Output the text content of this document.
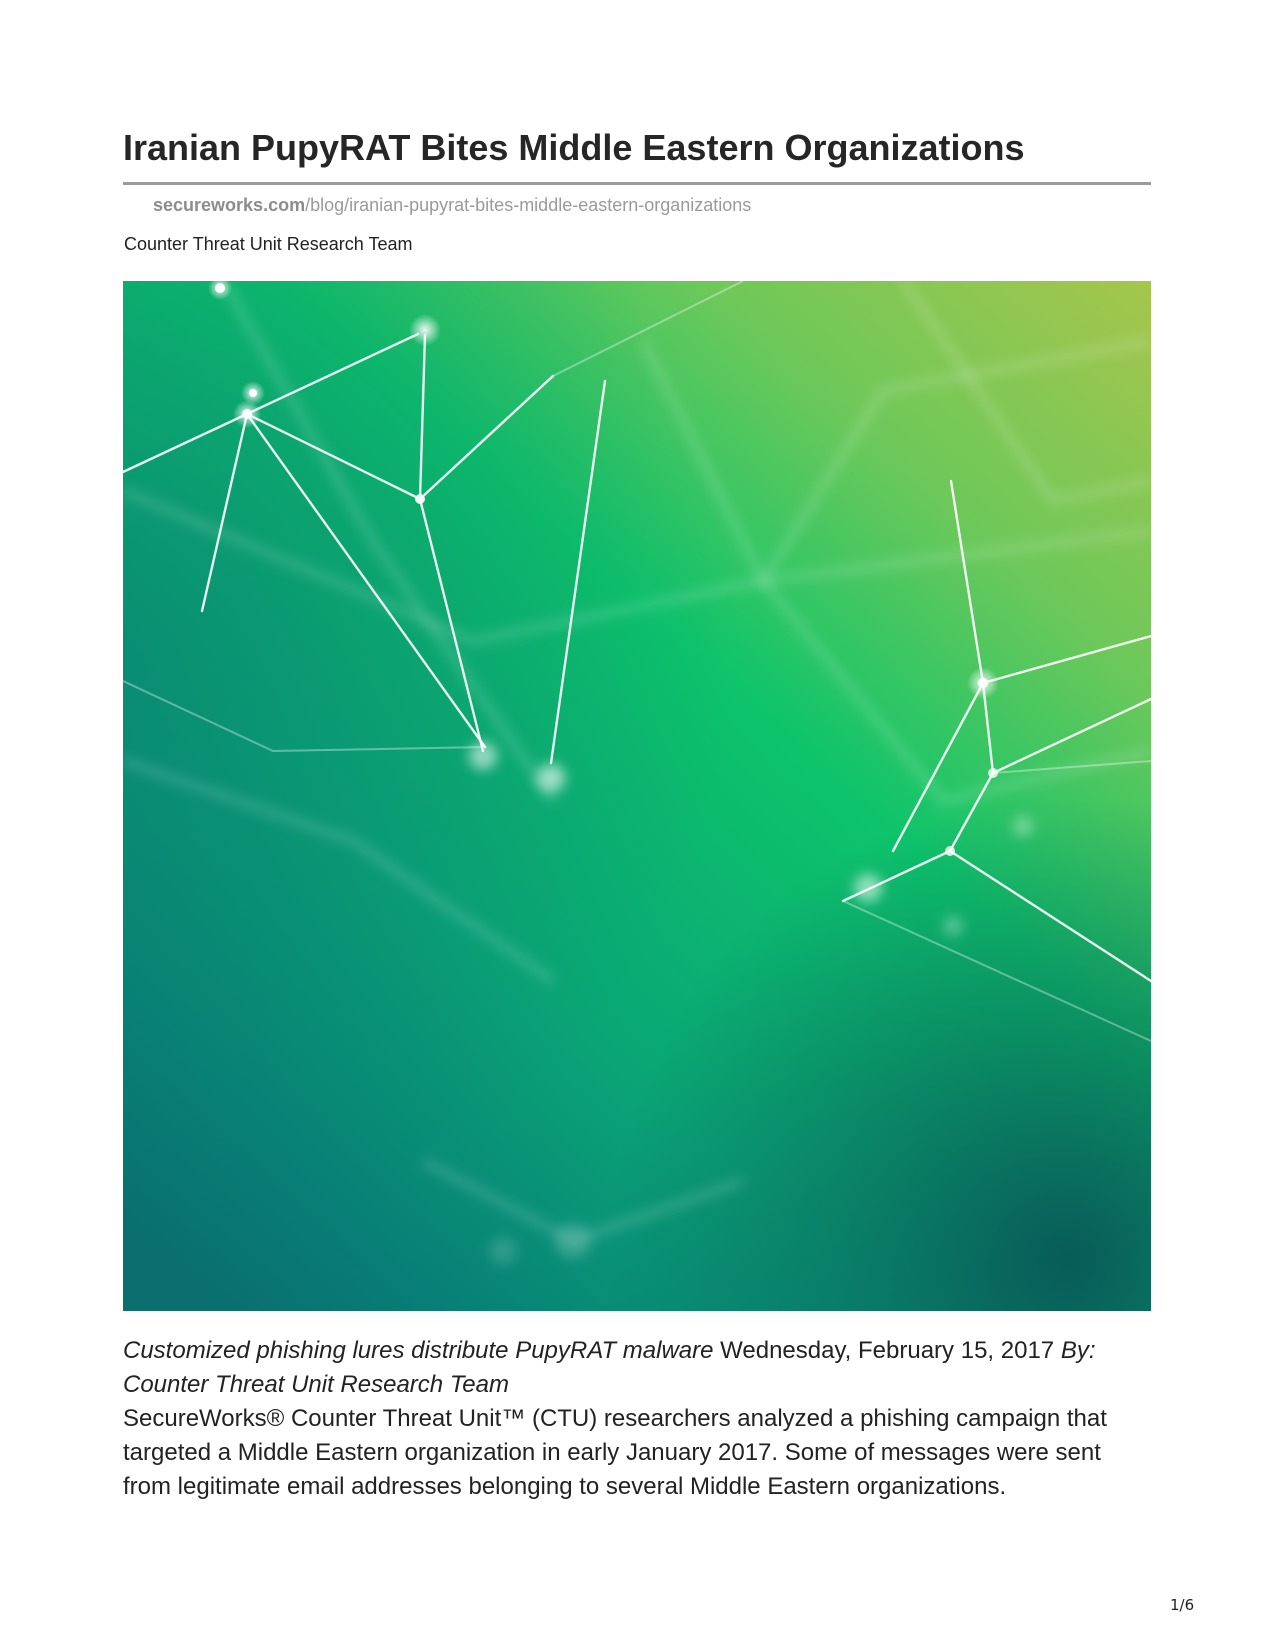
Iranian PupyRAT Bites Middle Eastern Organizations
secureworks.com/blog/iranian-pupyrat-bites-middle-eastern-organizations
Counter Threat Unit Research Team

Customized phishing lures distribute PupyRAT malware Wednesday, February 15, 2017 By: Counter Threat Unit Research Team

SecureWorks® Counter Threat Unit™ (CTU) researchers analyzed a phishing campaign that targeted a Middle Eastern organization in early January 2017. Some of messages were sent from legitimate email addresses belonging to several Middle Eastern organizations.

1/6
